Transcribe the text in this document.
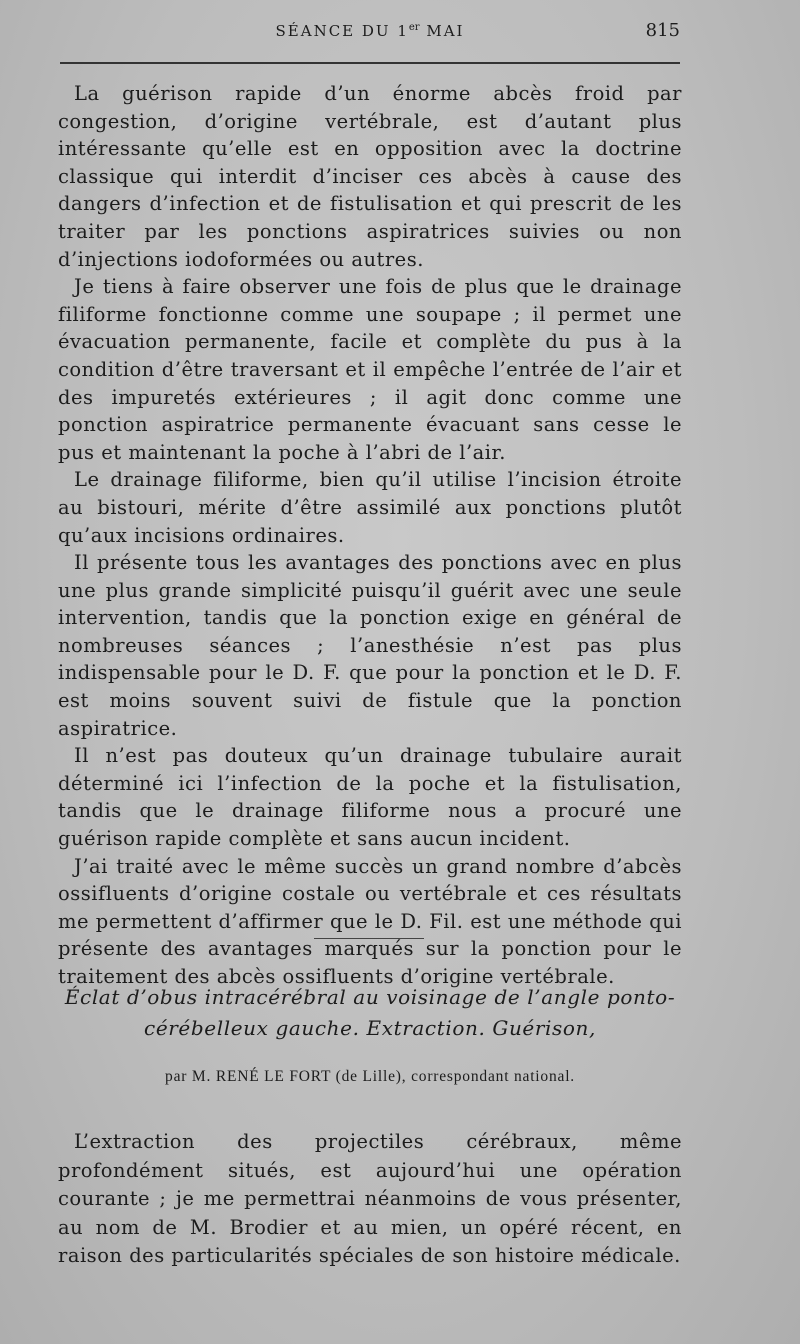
SÉANCE DU 1er MAI	815

La guérison rapide d’un énorme abcès froid par congestion, d’origine vertébrale, est d’autant plus intéressante qu’elle est en opposition avec la doctrine classique qui interdit d’inciser ces abcès à cause des dangers d’infection et de fistulisation et qui prescrit de les traiter par les ponctions aspiratrices suivies ou non d’injections iodoformées ou autres.

Je tiens à faire observer une fois de plus que le drainage filiforme fonctionne comme une soupape ; il permet une évacuation permanente, facile et complète du pus à la condition d’être traversant et il empêche l’entrée de l’air et des impuretés extérieures ; il agit donc comme une ponction aspiratrice permanente évacuant sans cesse le pus et maintenant la poche à l’abri de l’air.

Le drainage filiforme, bien qu’il utilise l’incision étroite au bistouri, mérite d’être assimilé aux ponctions plutôt qu’aux incisions ordinaires.

Il présente tous les avantages des ponctions avec en plus une plus grande simplicité puisqu’il guérit avec une seule intervention, tandis que la ponction exige en général de nombreuses séances ; l’anesthésie n’est pas plus indispensable pour le D. F. que pour la ponction et le D. F. est moins souvent suivi de fistule que la ponction aspiratrice.

Il n’est pas douteux qu’un drainage tubulaire aurait déterminé ici l’infection de la poche et la fistulisation, tandis que le drainage filiforme nous a procuré une guérison rapide complète et sans aucun incident.

J’ai traité avec le même succès un grand nombre d’abcès ossifluents d’origine costale ou vertébrale et ces résultats me permettent d’affirmer que le D. Fil. est une méthode qui présente des avantages marqués sur la ponction pour le traitement des abcès ossifluents d’origine vertébrale.

Éclat d’obus intracérébral au voisinage de l’angle ponto-cérébelleux gauche. Extraction. Guérison,
par M. RENÉ LE FORT (de Lille), correspondant national.

L’extraction des projectiles cérébraux, même profondément situés, est aujourd’hui une opération courante ; je me permettrai néanmoins de vous présenter, au nom de M. Brodier et au mien, un opéré récent, en raison des particularités spéciales de son histoire médicale.
